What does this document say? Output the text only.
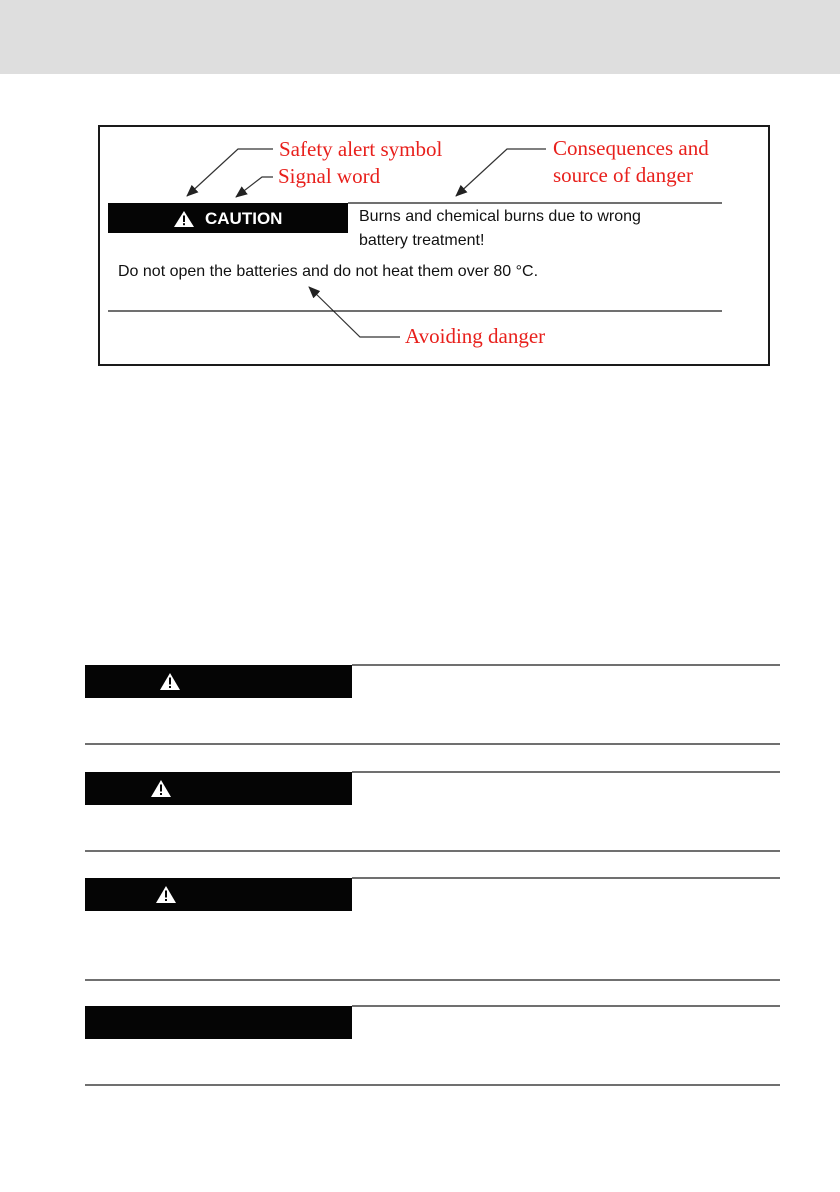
Safety alert symbol
Signal word
Consequences and
source of danger
Avoiding danger
CAUTION	Burns and chemical burns due to wrong
battery treatment!
Do not open the batteries and do not heat them over 80 °C.
